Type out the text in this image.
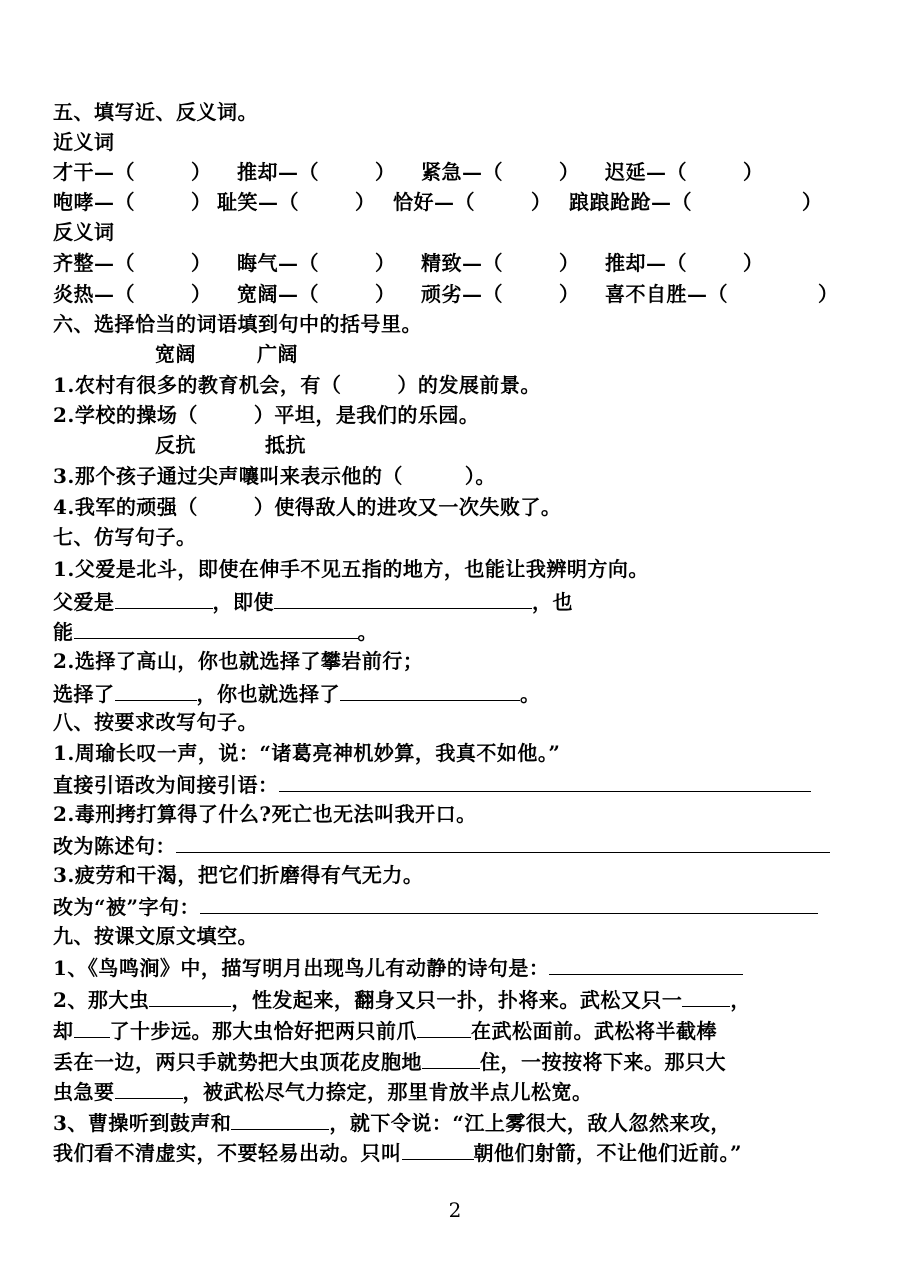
五、填写近、反义词。
近义词
才干—（	） 推却—（	） 紧急—（	） 迟延—（	）
咆哮—（	） 耻笑—（	） 恰好—（	） 踉踉跄跄—（	）
反义词
齐整—（	） 晦气—（	） 精致—（	） 推却—（	）
炎热—（	） 宽阔—（	） 顽劣—（	） 喜不自胜—（	）
六、选择恰当的词语填到句中的括号里。
宽阔	广阔
1.农村有很多的教育机会，有（	）的发展前景。
2.学校的操场（	）平坦，是我们的乐园。
反抗	抵抗
3.那个孩子通过尖声嚷叫来表示他的（	）。
4.我军的顽强（	）使得敌人的进攻又一次失败了。
七、仿写句子。
1.父爱是北斗，即使在伸手不见五指的地方，也能让我辨明方向。
父爱是	，即使	，也
能	。
2.选择了高山，你也就选择了攀岩前行；
选择了	，你也就选择了	。
八、按要求改写句子。
1.周瑜长叹一声，说：“诸葛亮神机妙算，我真不如他。”
直接引语改为间接引语：
2.毒刑拷打算得了什么?死亡也无法叫我开口。
改为陈述句：
3.疲劳和干渴，把它们折磨得有气无力。
改为“被”字句：
九、按课文原文填空。
1、《鸟鸣涧》中，描写明月出现鸟儿有动静的诗句是：
2、那大虫	，性发起来，翻身又只一扑，扑将来。武松又只一 ，
却 了十步远。那大虫恰好把两只前爪	在武松面前。武松将半截棒
丢在一边，两只手就势把大虫顶花皮胞地	住，一按按将下来。那只大
虫急要	，被武松尽气力捺定，那里肯放半点儿松宽。
3、曹操听到鼓声和	，就下令说：“江上雾很大，敌人忽然来攻，
我们看不清虚实，不要轻易出动。只叫	朝他们射箭，不让他们近前。”
2
